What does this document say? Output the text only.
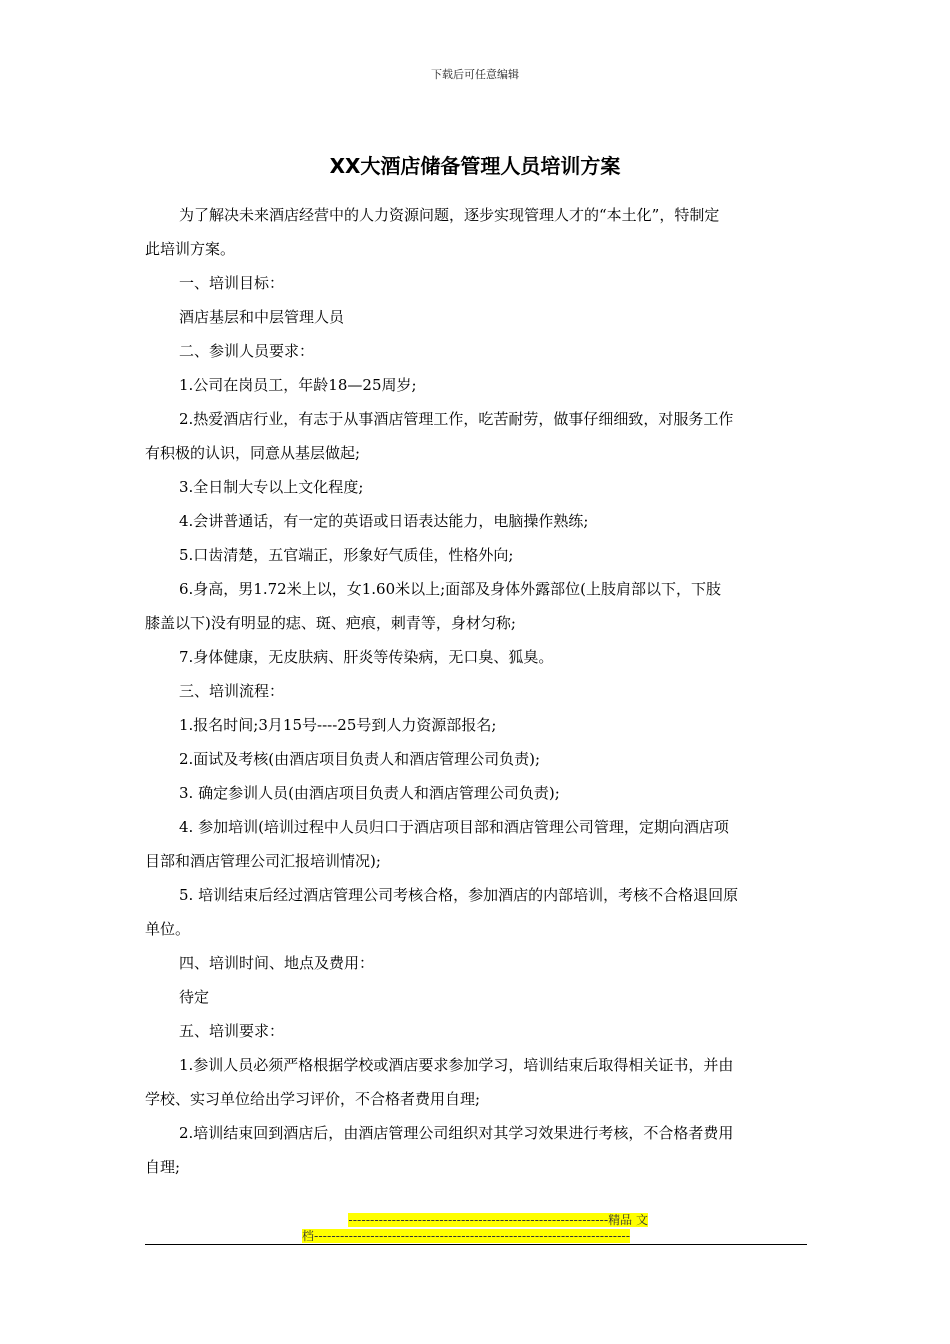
下载后可任意编辑
XX大酒店储备管理人员培训方案

为了解决未来酒店经营中的人力资源问题，逐步实现管理人才的“本土化”，特制定

此培训方案。

一、培训目标：

酒店基层和中层管理人员

二、参训人员要求：

1.公司在岗员工，年龄18—25周岁;

2.热爱酒店行业，有志于从事酒店管理工作，吃苦耐劳，做事仔细细致，对服务工作

有积极的认识，同意从基层做起;

3.全日制大专以上文化程度;

4.会讲普通话，有一定的英语或日语表达能力，电脑操作熟练;

5.口齿清楚，五官端正，形象好气质佳，性格外向;

6.身高，男1.72米上以，女1.60米以上;面部及身体外露部位(上肢肩部以下，下肢

膝盖以下)没有明显的痣、斑、疤痕，刺青等，身材匀称;

7.身体健康，无皮肤病、肝炎等传染病，无口臭、狐臭。

三、培训流程：

1.报名时间;3月15号----25号到人力资源部报名;

2.面试及考核(由酒店项目负责人和酒店管理公司负责);

3. 确定参训人员(由酒店项目负责人和酒店管理公司负责);

4. 参加培训(培训过程中人员归口于酒店项目部和酒店管理公司管理，定期向酒店项

目部和酒店管理公司汇报培训情况);

5. 培训结束后经过酒店管理公司考核合格，参加酒店的内部培训，考核不合格退回原

单位。

四、培训时间、地点及费用：

待定

五、培训要求：

1.参训人员必须严格根据学校或酒店要求参加学习，培训结束后取得相关证书，并由

学校、实习单位给出学习评价，不合格者费用自理;

2.培训结束回到酒店后，由酒店管理公司组织对其学习效果进行考核，不合格者费用

自理;

------------------------------------------------------------精品 文
档-------------------------------------------------------------------------
